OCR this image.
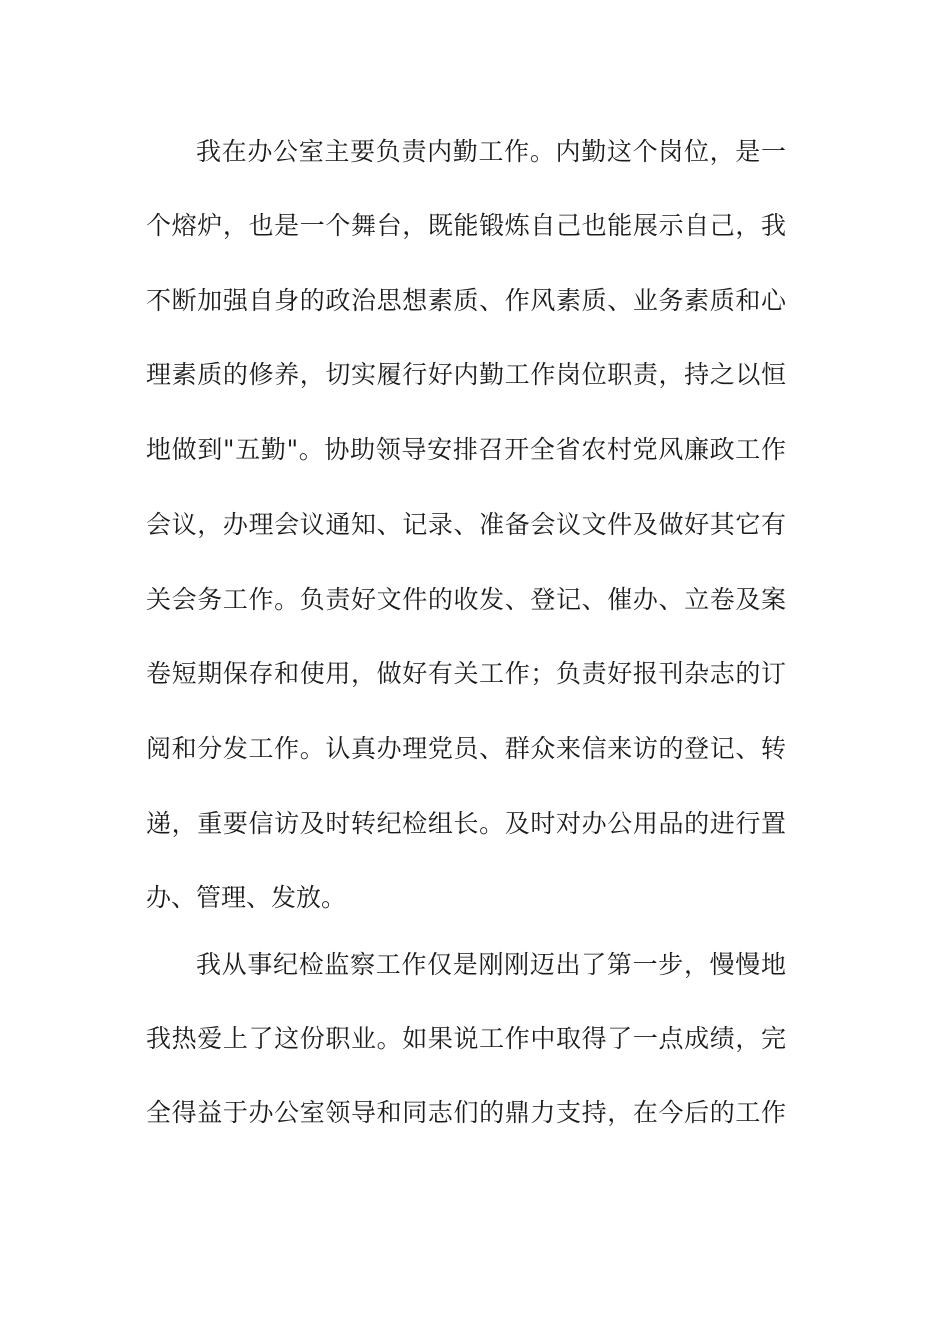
我在办公室主要负责内勤工作。内勤这个岗位，是一
个熔炉，也是一个舞台，既能锻炼自己也能展示自己，我
不断加强自身的政治思想素质、作风素质、业务素质和心
理素质的修养，切实履行好内勤工作岗位职责，持之以恒
地做到"五勤"。协助领导安排召开全省农村党风廉政工作
会议，办理会议通知、记录、准备会议文件及做好其它有
关会务工作。负责好文件的收发、登记、催办、立卷及案
卷短期保存和使用，做好有关工作；负责好报刊杂志的订
阅和分发工作。认真办理党员、群众来信来访的登记、转
递，重要信访及时转纪检组长。及时对办公用品的进行置
办、管理、发放。
我从事纪检监察工作仅是刚刚迈出了第一步，慢慢地
我热爱上了这份职业。如果说工作中取得了一点成绩，完
全得益于办公室领导和同志们的鼎力支持，在今后的工作
